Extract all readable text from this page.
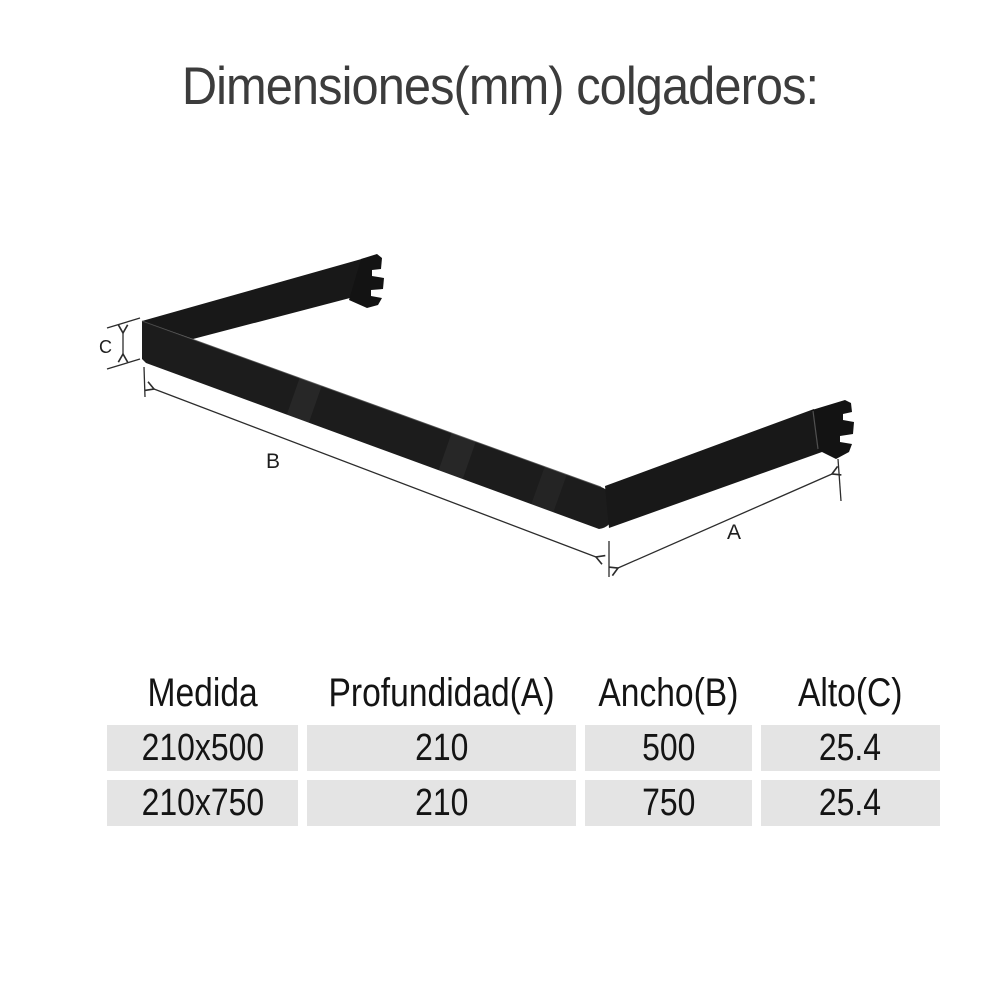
Dimensiones(mm) colgaderos:
C
B
A
Medida	Profundidad(A)	Ancho(B)	Alto(C)
210x500	210	500	25.4
210x750	210	750	25.4
